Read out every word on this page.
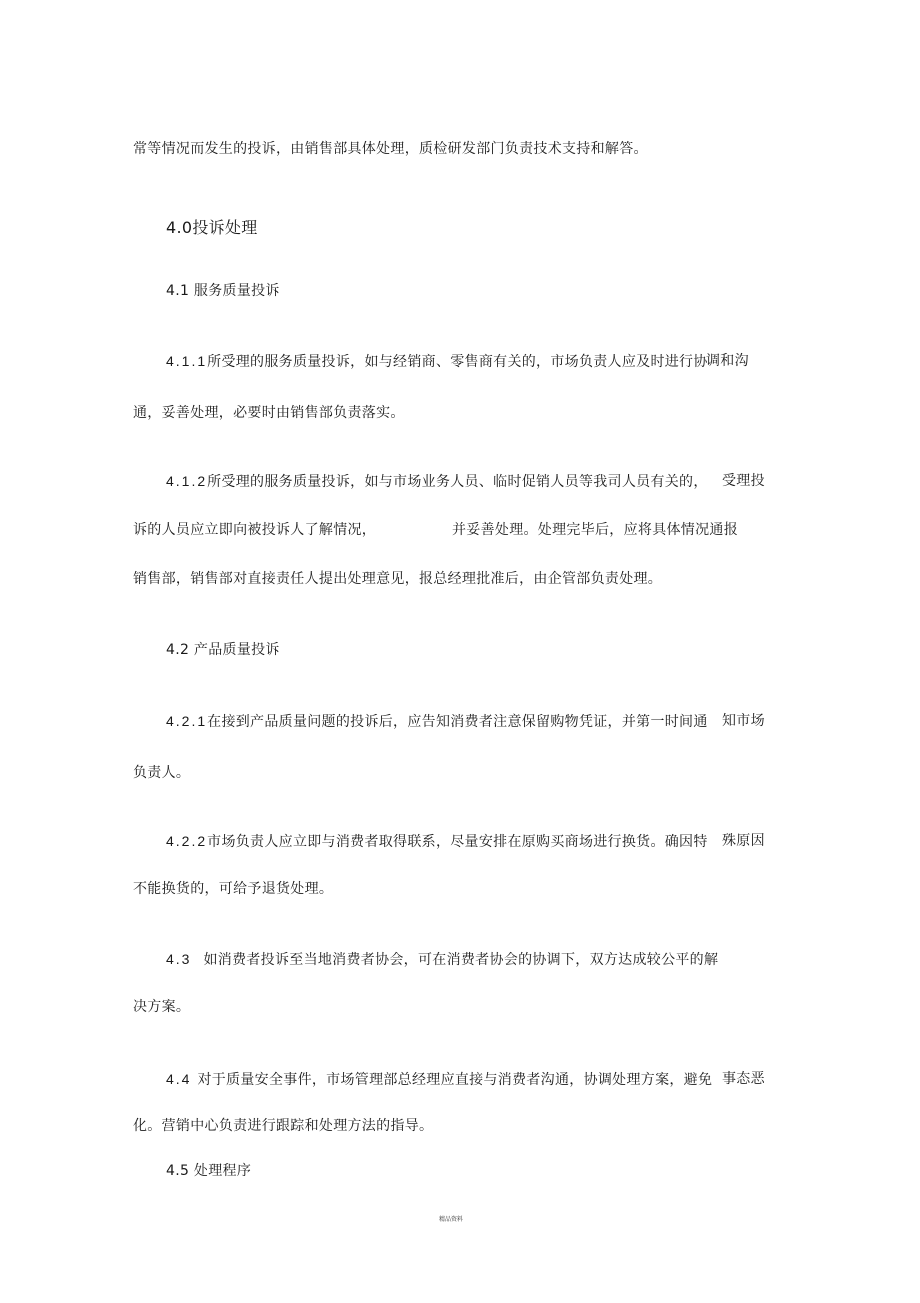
常等情况而发生的投诉，由销售部具体处理，质检研发部门负责技术支持和解答。
4.0投诉处理
4.1 服务质量投诉
4.1.1所受理的服务质量投诉，如与经销商、零售商有关的，市场负责人应及时进行协
调和沟
通，妥善处理，必要时由销售部负责落实。
4.1.2所受理的服务质量投诉，如与市场业务人员、临时促销人员等我司人员有关的， 受理投
诉的人员应立即向被投诉人了解情况，	并妥善处理。处理完毕后，应将具体情况通报
销售部，销售部对直接责任人提出处理意见，报总经理批准后，由企管部负责处理。
4.2 产品质量投诉
4.2.1在接到产品质量问题的投诉后，应告知消费者注意保留购物凭证，并第一时间通 知市场
负责人。
4.2.2市场负责人应立即与消费者取得联系，尽量安排在原购买商场进行换货。确因特 殊原因
不能换货的，可给予退货处理。
4.3 如消费者投诉至当地消费者协会，可在消费者协会的协调下，双方达成较公平的解
决方案。
4.4 对于质量安全事件，市场管理部总经理应直接与消费者沟通，协调处理方案，避免 事态恶
化。营销中心负责进行跟踪和处理方法的指导。
4.5 处理程序
精品资料
